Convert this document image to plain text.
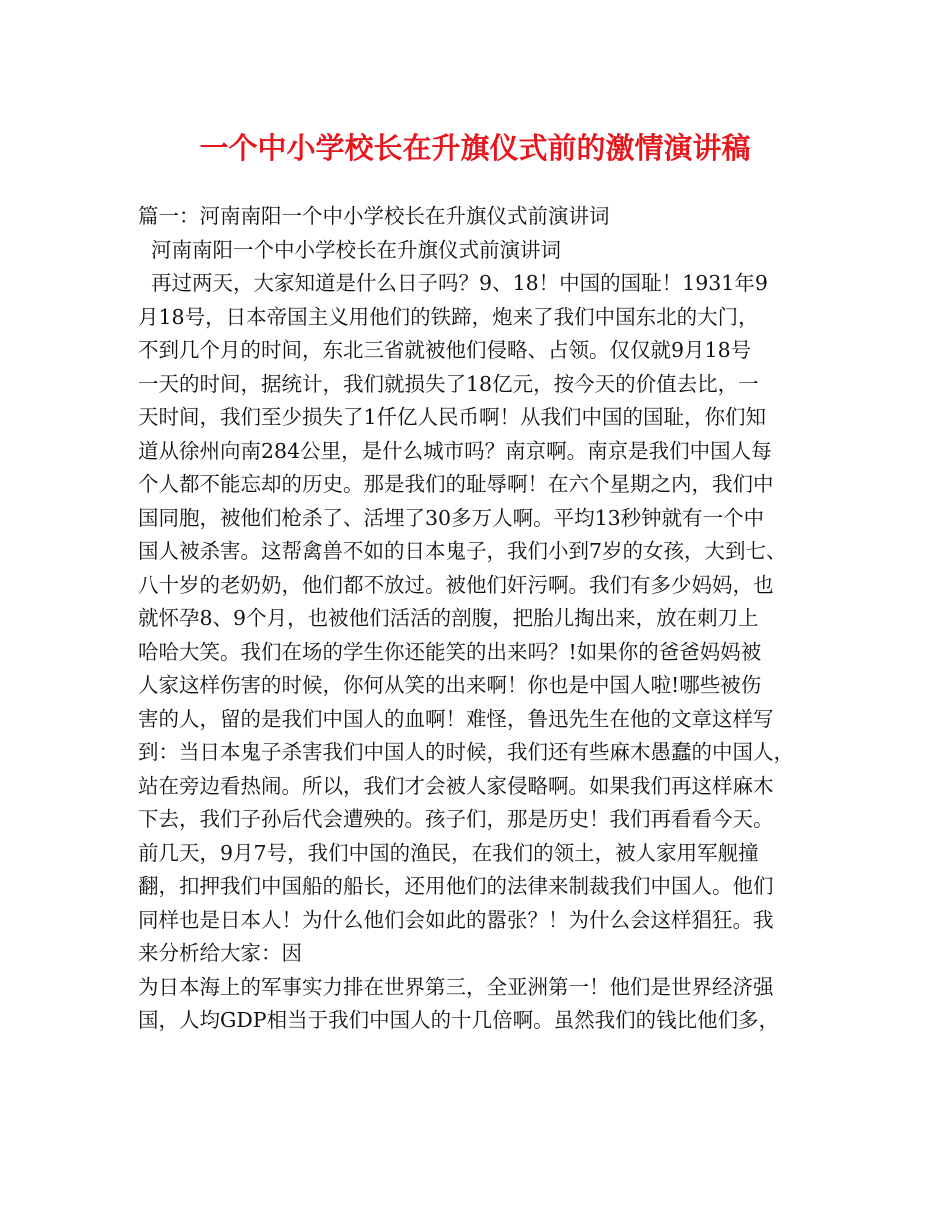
一个中小学校长在升旗仪式前的激情演讲稿
篇一：河南南阳一个中小学校长在升旗仪式前演讲词
河南南阳一个中小学校长在升旗仪式前演讲词
再过两天，大家知道是什么日子吗？9、18！中国的国耻！1931年9
月18号，日本帝国主义用他们的铁蹄，炮来了我们中国东北的大门，
不到几个月的时间，东北三省就被他们侵略、占领。仅仅就9月18号
一天的时间，据统计，我们就损失了18亿元，按今天的价值去比，一
天时间，我们至少损失了1仟亿人民币啊！从我们中国的国耻，你们知
道从徐州向南284公里，是什么城市吗？南京啊。南京是我们中国人每
个人都不能忘却的历史。那是我们的耻辱啊！在六个星期之内，我们中
国同胞，被他们枪杀了、活埋了30多万人啊。平均13秒钟就有一个中
国人被杀害。这帮禽兽不如的日本鬼子，我们小到7岁的女孩，大到七、
八十岁的老奶奶，他们都不放过。被他们奸污啊。我们有多少妈妈，也
就怀孕8、9个月，也被他们活活的剖腹，把胎儿掏出来，放在刺刀上
哈哈大笑。我们在场的学生你还能笑的出来吗？!如果你的爸爸妈妈被
人家这样伤害的时候，你何从笑的出来啊！你也是中国人啦!哪些被伤
害的人，留的是我们中国人的血啊！难怪，鲁迅先生在他的文章这样写
到：当日本鬼子杀害我们中国人的时候，我们还有些麻木愚蠢的中国人，
站在旁边看热闹。所以，我们才会被人家侵略啊。如果我们再这样麻木
下去，我们子孙后代会遭殃的。孩子们，那是历史！我们再看看今天。
前几天，9月7号，我们中国的渔民，在我们的领土，被人家用军舰撞
翻，扣押我们中国船的船长，还用他们的法律来制裁我们中国人。他们
同样也是日本人！为什么他们会如此的嚣张？！为什么会这样猖狂。我
来分析给大家：因
为日本海上的军事实力排在世界第三，全亚洲第一！他们是世界经济强
国，人均GDP相当于我们中国人的十几倍啊。虽然我们的钱比他们多，
